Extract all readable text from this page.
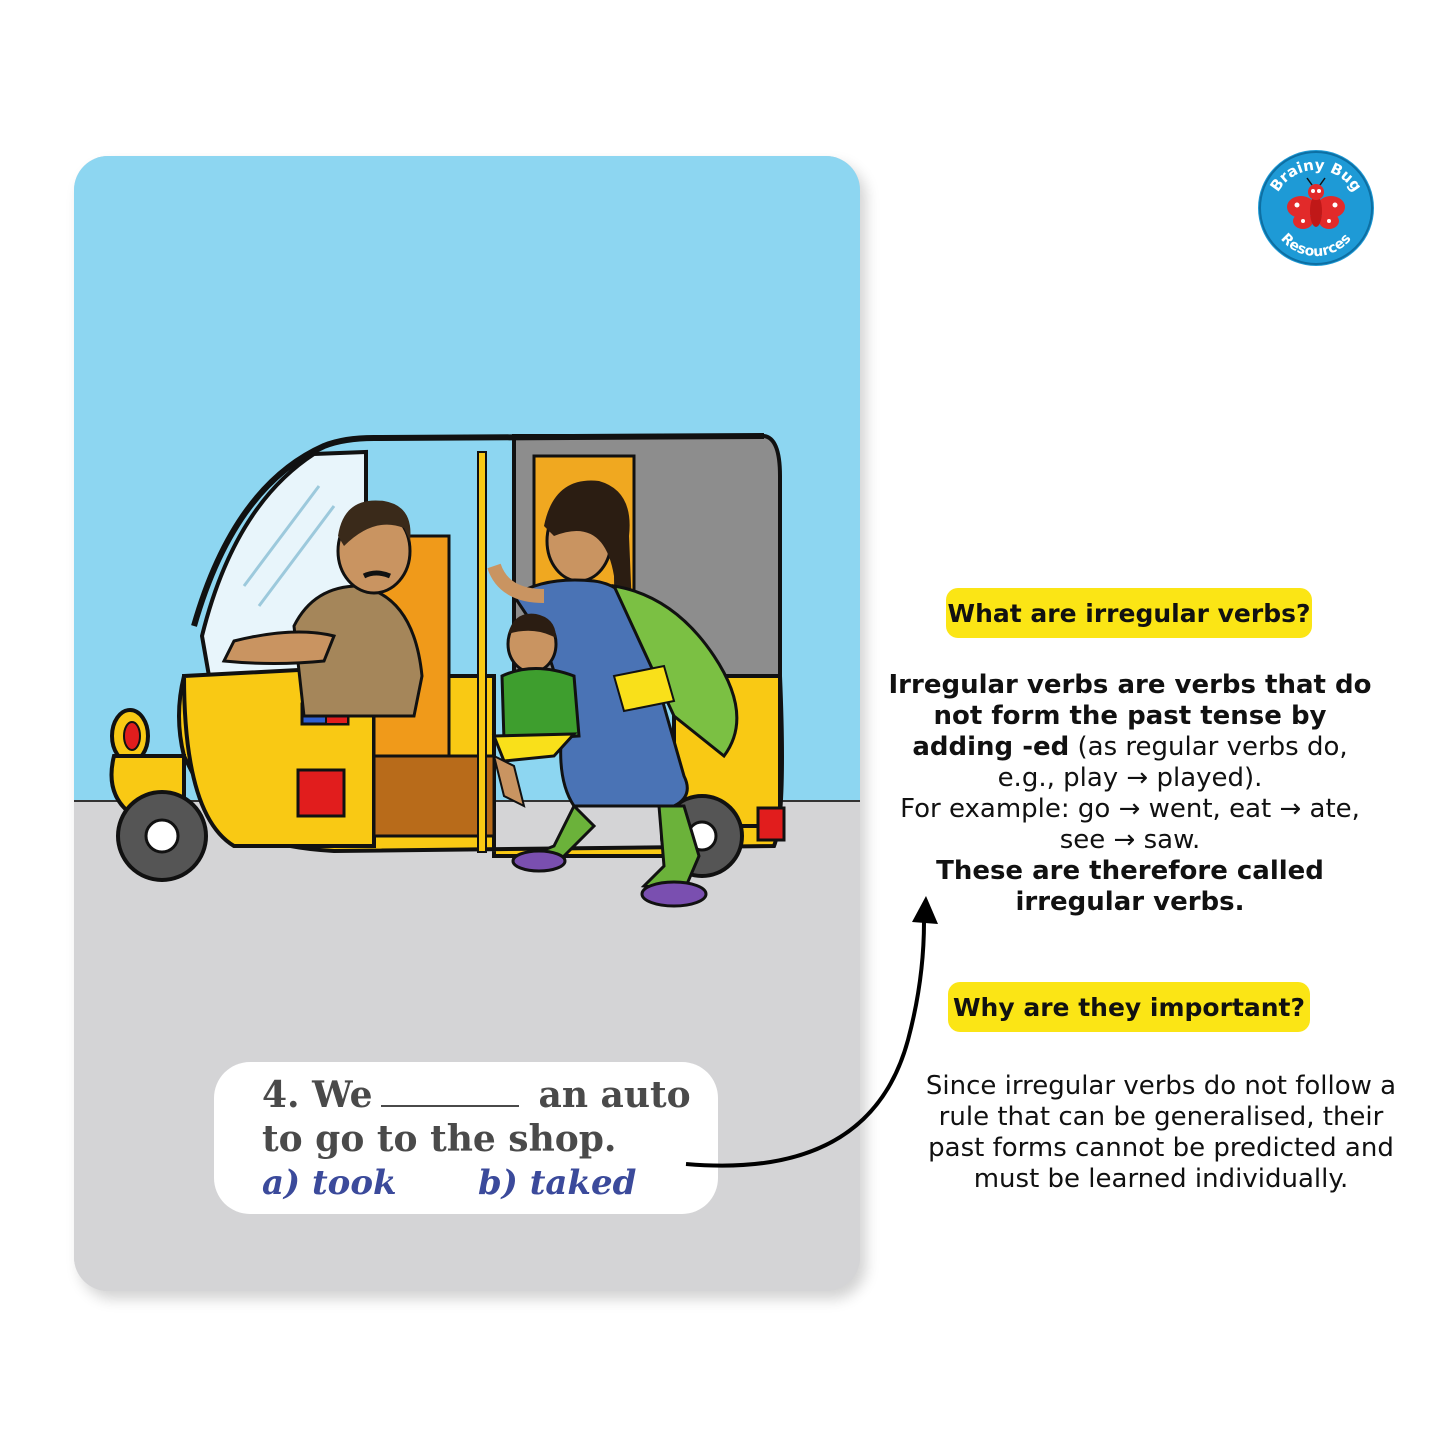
4. We	an auto
to go to the shop.
a) took b) taked
Brainy Bug
Resources
What are irregular verbs?
Irregular verbs are verbs that do not form the past tense by adding -ed (as regular verbs do, e.g., play → played).
For example: go → went, eat → ate, see → saw.
These are therefore called irregular verbs.
Why are they important?
Since irregular verbs do not follow a rule that can be generalised, their past forms cannot be predicted and must be learned individually.
